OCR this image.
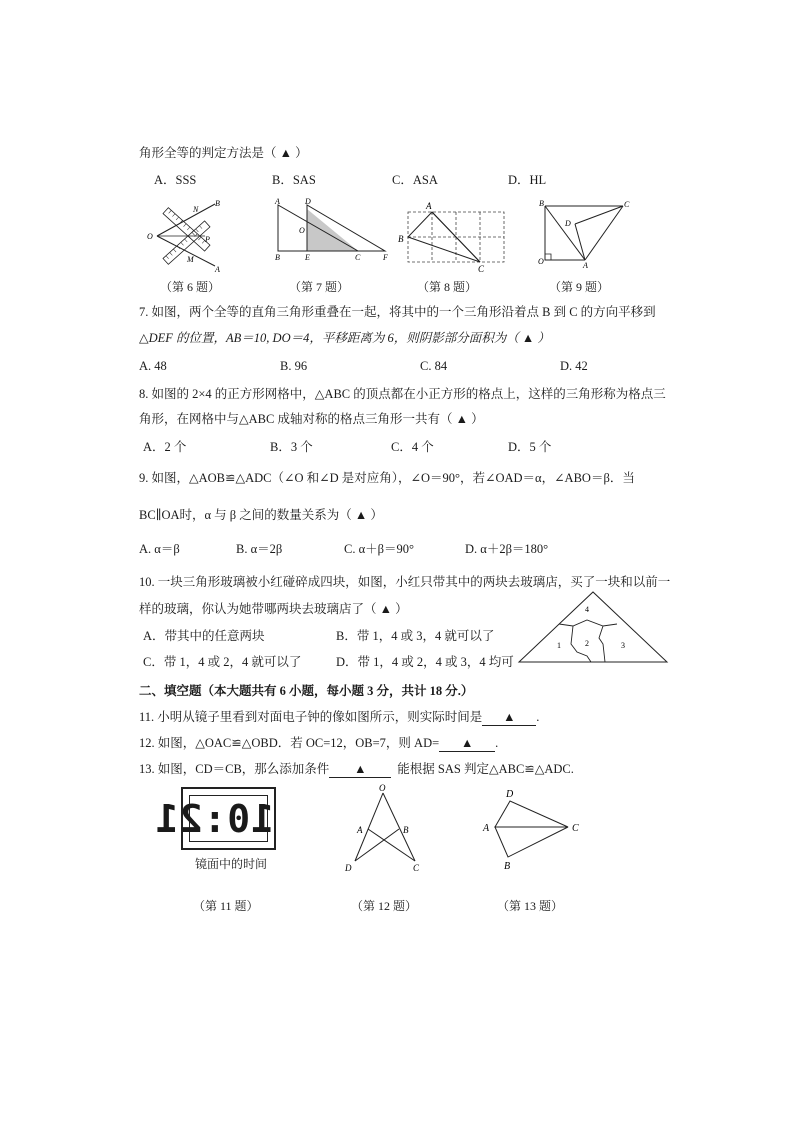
角形全等的判定方法是（ ▲ ）
A．SSS	B．SAS	C．ASA	D．HL
N
B
O	P
M
A
（第 6 题）
A	D
O
B	E	C	F
（第 7 题）
A
B
C
（第 8 题）
B	C
D
O	A
（第 9 题）
7. 如图，两个全等的直角三角形重叠在一起，将其中的一个三角形沿着点 B 到 C 的方向平移到
△DEF 的位置，AB＝10, DO＝4，平移距离为 6，则阴影部分面积为（ ▲ ）
A. 48	B. 96	C. 84	D. 42
8. 如图的 2×4 的正方形网格中，△ABC 的顶点都在小正方形的格点上，这样的三角形称为格点三
角形，在网格中与△ABC 成轴对称的格点三角形一共有（ ▲ ）
A．2 个	B．3 个	C．4 个	D．5 个
9. 如图，△AOB≌△ADC（∠O 和∠D 是对应角），∠O＝90°，若∠OAD＝α，∠ABO＝β．当
BC∥OA时，α 与 β 之间的数量关系为（ ▲ ）
A. α＝β	B. α＝2β	C. α＋β＝90°	D. α＋2β＝180°
10. 一块三角形玻璃被小红碰碎成四块，如图，小红只带其中的两块去玻璃店，买了一块和以前一
样的玻璃，你认为她带哪两块去玻璃店了（ ▲ ）
A．带其中的任意两块	B．带 1，4 或 3，4 就可以了
C．带 1，4 或 2，4 就可以了	D．带 1，4 或 2，4 或 3，4 均可
4
1	2	3
二、填空题（本大题共有 6 小题，每小题 3 分，共计 18 分.）
11. 小明从镜子里看到对面电子钟的像如图所示，则实际时间是 ▲ .
12. 如图，△OAC≌△OBD．若 OC=12，OB=7，则 AD= ▲ .
13. 如图，CD＝CB，那么添加条件 ▲ 能根据 SAS 判定△ABC≌△ADC.
10:21
镜面中的时间
（第 11 题）
O
A	B
D	C
（第 12 题）
D
A	C
B
（第 13 题）
